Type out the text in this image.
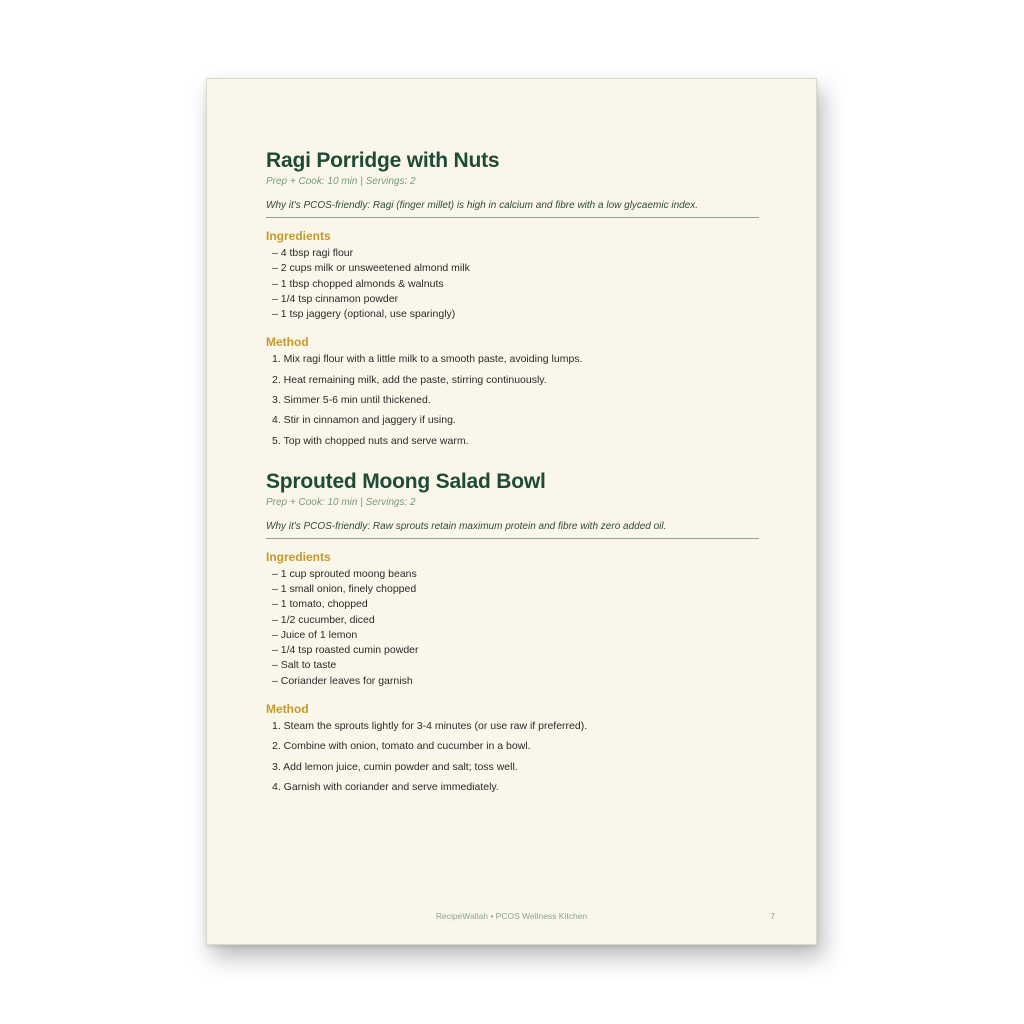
Ragi Porridge with Nuts
Prep + Cook: 10 min | Servings: 2
Why it's PCOS-friendly: Ragi (finger millet) is high in calcium and fibre with a low glycaemic index.
Ingredients
– 4 tbsp ragi flour
– 2 cups milk or unsweetened almond milk
– 1 tbsp chopped almonds & walnuts
– 1/4 tsp cinnamon powder
– 1 tsp jaggery (optional, use sparingly)
Method
1. Mix ragi flour with a little milk to a smooth paste, avoiding lumps.
2. Heat remaining milk, add the paste, stirring continuously.
3. Simmer 5-6 min until thickened.
4. Stir in cinnamon and jaggery if using.
5. Top with chopped nuts and serve warm.
Sprouted Moong Salad Bowl
Prep + Cook: 10 min | Servings: 2
Why it's PCOS-friendly: Raw sprouts retain maximum protein and fibre with zero added oil.
Ingredients
– 1 cup sprouted moong beans
– 1 small onion, finely chopped
– 1 tomato, chopped
– 1/2 cucumber, diced
– Juice of 1 lemon
– 1/4 tsp roasted cumin powder
– Salt to taste
– Coriander leaves for garnish
Method
1. Steam the sprouts lightly for 3-4 minutes (or use raw if preferred).
2. Combine with onion, tomato and cucumber in a bowl.
3. Add lemon juice, cumin powder and salt; toss well.
4. Garnish with coriander and serve immediately.
RecipeWallah • PCOS Wellness Kitchen	7
